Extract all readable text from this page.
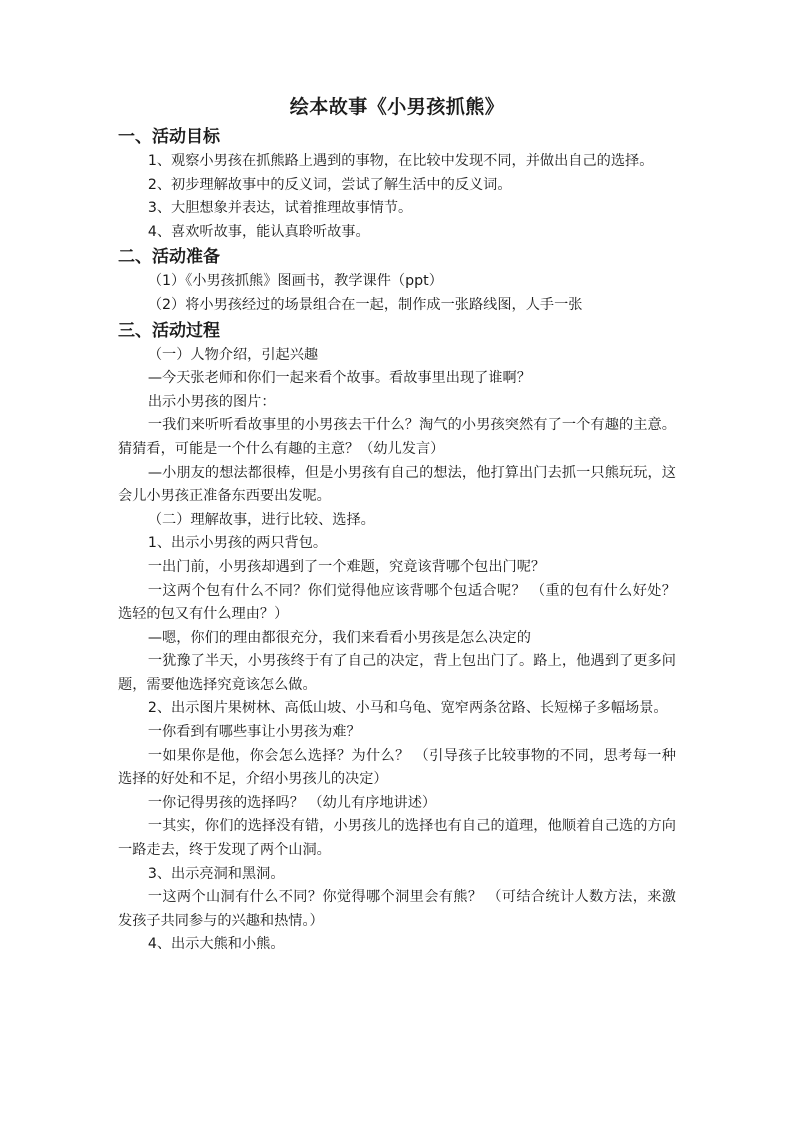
绘本故事《小男孩抓熊》
一、活动目标

1、观察小男孩在抓熊路上遇到的事物，在比较中发现不同，并做出自己的选择。

2、初步理解故事中的反义词，尝试了解生活中的反义词。

3、大胆想象并表达，试着推理故事情节。

4、喜欢听故事，能认真聆听故事。

二、活动准备

（1）《小男孩抓熊》图画书，教学课件（ppt）

（2）将小男孩经过的场景组合在一起，制作成一张路线图，人手一张

三、活动过程

（一）人物介绍，引起兴趣

—今天张老师和你们一起来看个故事。看故事里出现了谁啊？

出示小男孩的图片：

一我们来听听看故事里的小男孩去干什么？淘气的小男孩突然有了一个有趣的主意。猜猜看，可能是一个什么有趣的主意？（幼儿发言）

—小朋友的想法都很棒，但是小男孩有自己的想法，他打算出门去抓一只熊玩玩，这会儿小男孩正准备东西要出发呢。

（二）理解故事，进行比较、选择。

1、出示小男孩的两只背包。

一出门前，小男孩却遇到了一个难题，究竟该背哪个包出门呢？

一这两个包有什么不同？你们觉得他应该背哪个包适合呢？ （重的包有什么好处？选轻的包又有什么理由？）

—嗯，你们的理由都很充分，我们来看看小男孩是怎么决定的

一犹豫了半天，小男孩终于有了自己的决定，背上包出门了。路上，他遇到了更多问题，需要他选择究竟该怎么做。

2、出示图片果树林、高低山坡、小马和乌龟、宽窄两条岔路、长短梯子多幅场景。

一你看到有哪些事让小男孩为难？

一如果你是他，你会怎么选择？为什么？ （引导孩子比较事物的不同，思考每一种选择的好处和不足，介绍小男孩儿的决定）

一你记得男孩的选择吗？ （幼儿有序地讲述）

一其实，你们的选择没有错，小男孩儿的选择也有自己的道理，他顺着自己选的方向一路走去，终于发现了两个山洞。

3、出示亮洞和黑洞。

一这两个山洞有什么不同？你觉得哪个洞里会有熊？ （可结合统计人数方法，来激发孩子共同参与的兴趣和热情。）

4、出示大熊和小熊。
